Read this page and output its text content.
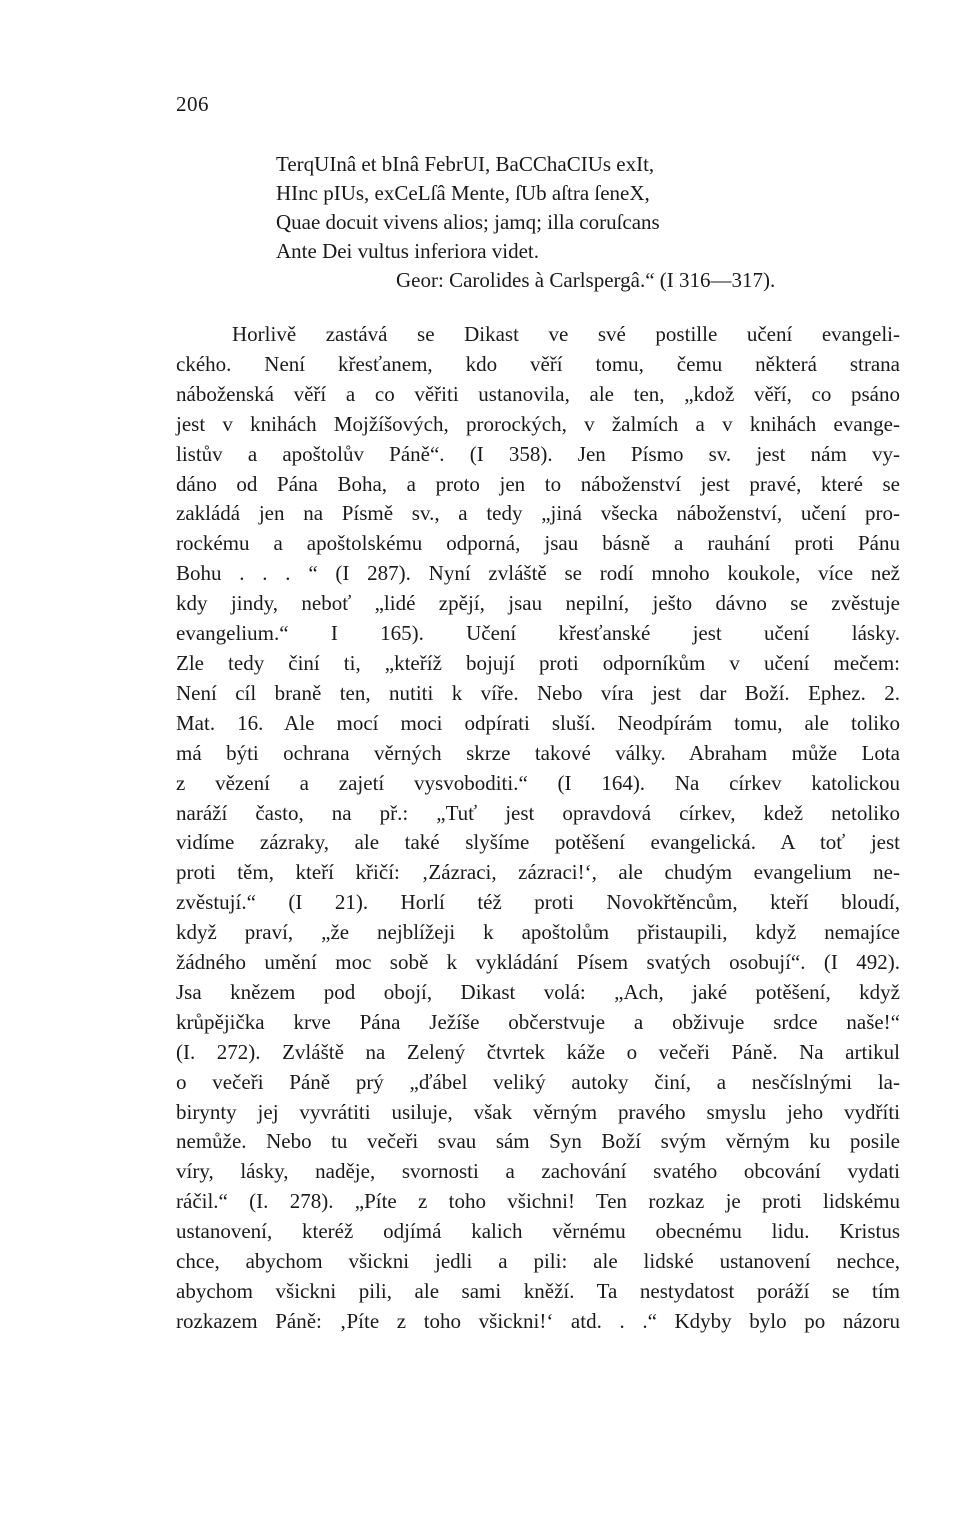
206
TerqUInâ et bInâ FebrUI, BaCChaCIUs exIt,
HInc pIUs, exCeLſâ Mente, ſUb aſtra ſeneX,
Quae docuit vivens alios; jamq; illa coruſcans
Ante Dei vultus inferiora videt.
Geor: Carolides à Carlspergâ.“ (I 316—317).
Horlivě zastává se Dikast ve své postille učení evangeli-
ckého. Není křesťanem, kdo věří tomu, čemu některá strana
náboženská věří a co věřiti ustanovila, ale ten, „kdož věří, co psáno
jest v knihách Mojžíšových, prorockých, v žalmích a v knihách evange-
listův a apoštolův Páně“. (I 358). Jen Písmo sv. jest nám vy-
dáno od Pána Boha, a proto jen to náboženství jest pravé, které se
zakládá jen na Písmě sv., a tedy „jiná všecka náboženství, učení pro-
rockému a apoštolskému odporná, jsau básně a rauhání proti Pánu
Bohu . . . “ (I 287). Nyní zvláště se rodí mnoho koukole, více než
kdy jindy, neboť „lidé zpějí, jsau nepilní, ješto dávno se zvěstuje
evangelium.“ I 165). Učení křesťanské jest učení lásky.
Zle tedy činí ti, „kteříž bojují proti odporníkům v učení mečem:
Není cíl braně ten, nutiti k víře. Nebo víra jest dar Boží. Ephez. 2.
Mat. 16. Ale mocí moci odpírati sluší. Neodpírám tomu, ale toliko
má býti ochrana věrných skrze takové války. Abraham může Lota
z vězení a zajetí vysvoboditi.“ (I 164). Na církev katolickou
naráží často, na př.: „Tuť jest opravdová církev, kdež netoliko
vidíme zázraky, ale také slyšíme potěšení evangelická. A toť jest
proti těm, kteří křičí: ‚Zázraci, zázraci!‘, ale chudým evangelium ne-
zvěstují.“ (I 21). Horlí též proti Novokřtěncům, kteří bloudí,
když praví, „že nejblížeji k apoštolům přistaupili, když nemajíce
žádného umění moc sobě k vykládání Písem svatých osobují“. (I 492).
Jsa knězem pod obojí, Dikast volá: „Ach, jaké potěšení, když
krůpějička krve Pána Ježíše občerstvuje a obživuje srdce naše!“
(I. 272). Zvláště na Zelený čtvrtek káže o večeři Páně. Na artikul
o večeři Páně prý „ďábel veliký autoky činí, a nesčíslnými la-
birynty jej vyvrátiti usiluje, však věrným pravého smyslu jeho vydříti
nemůže. Nebo tu večeři svau sám Syn Boží svým věrným ku posile
víry, lásky, naděje, svornosti a zachování svatého obcování vydati
ráčil.“ (I. 278). „Píte z toho všichni! Ten rozkaz je proti lidskému
ustanovení, kteréž odjímá kalich věrnému obecnému lidu. Kristus
chce, abychom všickni jedli a pili: ale lidské ustanovení nechce,
abychom všickni pili, ale sami kněží. Ta nestydatost poráží se tím
rozkazem Páně: ‚Píte z toho všickni!‘ atd. . .“ Kdyby bylo po názoru
